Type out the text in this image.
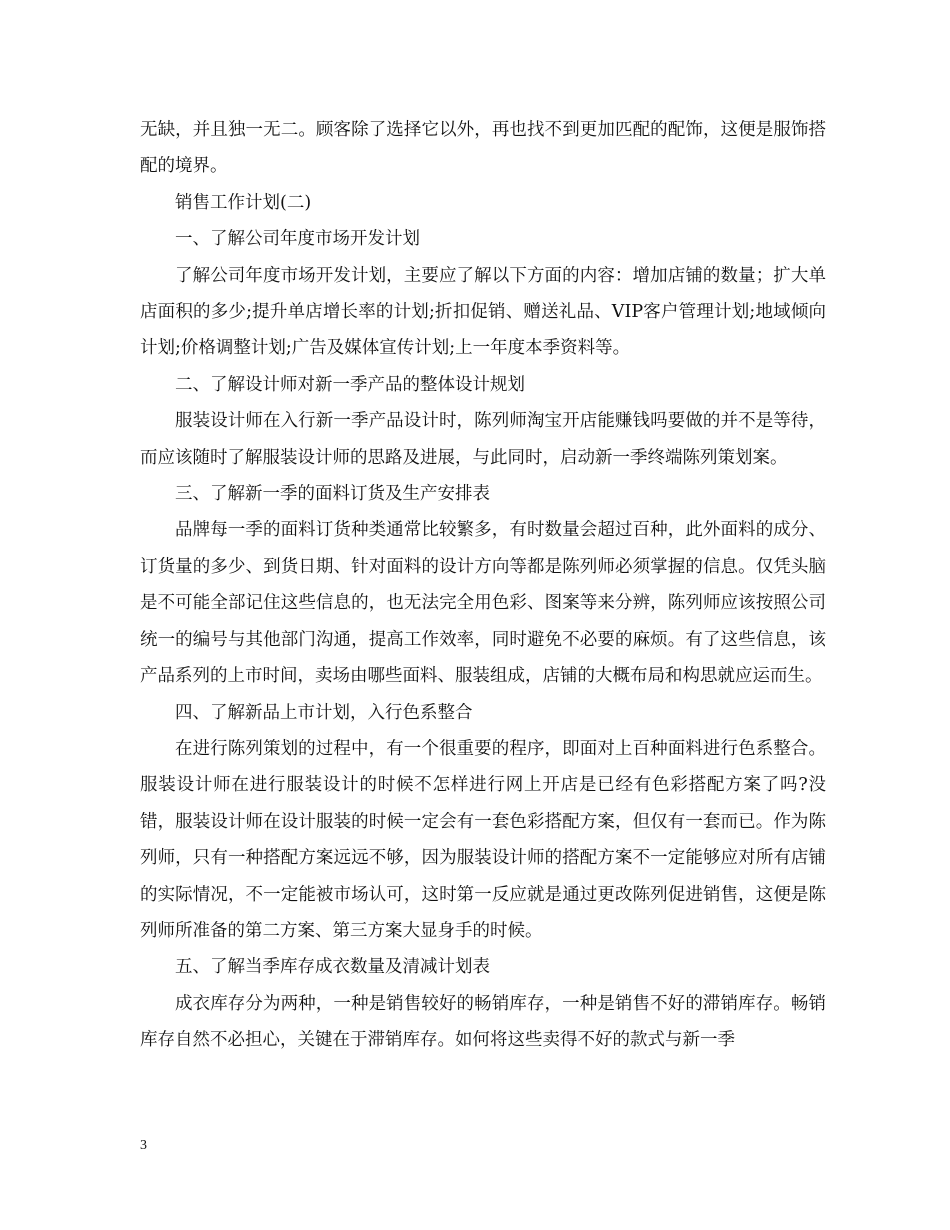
无缺，并且独一无二。顾客除了选择它以外，再也找不到更加匹配的配饰，这便是服饰搭配的境界。

销售工作计划(二)

一、了解公司年度市场开发计划

了解公司年度市场开发计划，主要应了解以下方面的内容：增加店铺的数量；扩大单店面积的多少;提升单店增长率的计划;折扣促销、赠送礼品、VIP客户管理计划;地域倾向计划;价格调整计划;广告及媒体宣传计划;上一年度本季资料等。

二、了解设计师对新一季产品的整体设计规划

服装设计师在入行新一季产品设计时，陈列师淘宝开店能赚钱吗要做的并不是等待，而应该随时了解服装设计师的思路及进展，与此同时，启动新一季终端陈列策划案。

三、了解新一季的面料订货及生产安排表

品牌每一季的面料订货种类通常比较繁多，有时数量会超过百种，此外面料的成分、订货量的多少、到货日期、针对面料的设计方向等都是陈列师必须掌握的信息。仅凭头脑是不可能全部记住这些信息的，也无法完全用色彩、图案等来分辨，陈列师应该按照公司统一的编号与其他部门沟通，提高工作效率，同时避免不必要的麻烦。有了这些信息，该产品系列的上市时间，卖场由哪些面料、服装组成，店铺的大概布局和构思就应运而生。

四、了解新品上市计划，入行色系整合

在进行陈列策划的过程中，有一个很重要的程序，即面对上百种面料进行色系整合。服装设计师在进行服装设计的时候不怎样进行网上开店是已经有色彩搭配方案了吗?没错，服装设计师在设计服装的时候一定会有一套色彩搭配方案，但仅有一套而已。作为陈列师，只有一种搭配方案远远不够，因为服装设计师的搭配方案不一定能够应对所有店铺的实际情况，不一定能被市场认可，这时第一反应就是通过更改陈列促进销售，这便是陈列师所准备的第二方案、第三方案大显身手的时候。

五、了解当季库存成衣数量及清减计划表

成衣库存分为两种，一种是销售较好的畅销库存，一种是销售不好的滞销库存。畅销库存自然不必担心，关键在于滞销库存。如何将这些卖得不好的款式与新一季

3
